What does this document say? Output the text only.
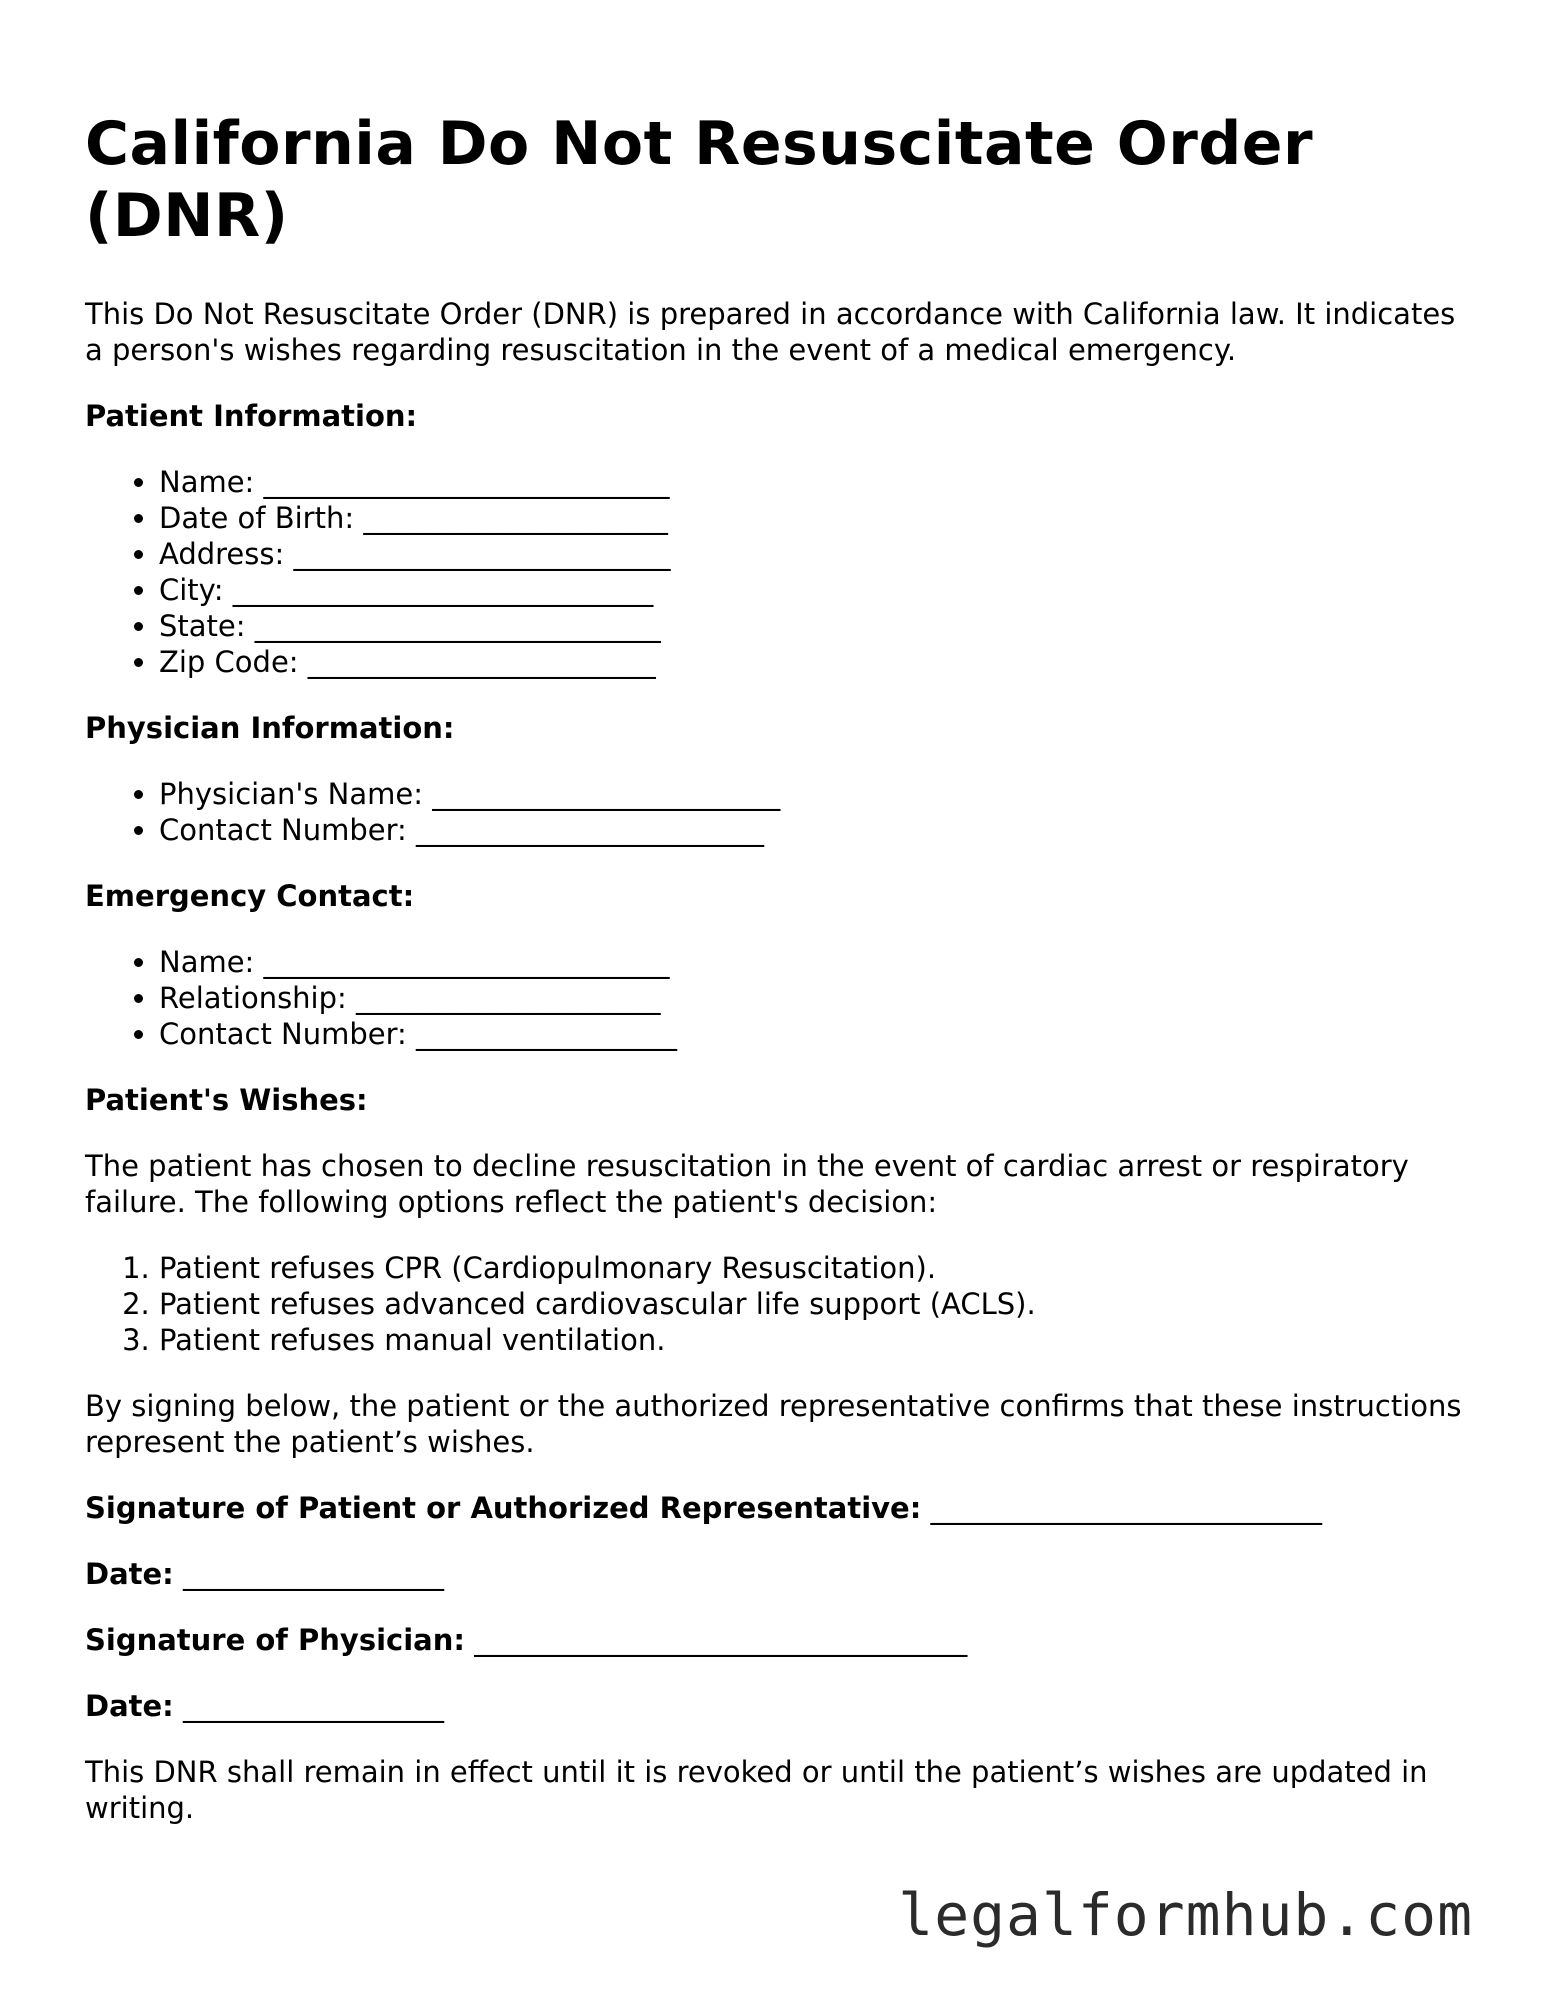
California Do Not Resuscitate Order (DNR)

This Do Not Resuscitate Order (DNR) is prepared in accordance with California law. It indicates a person's wishes regarding resuscitation in the event of a medical emergency.

Patient Information:
• Name: ____________________________
• Date of Birth: _____________________
• Address: __________________________
• City: _____________________________
• State: ____________________________
• Zip Code: ________________________
Physician Information:
• Physician's Name: ________________________
• Contact Number: ________________________
Emergency Contact:
• Name: ____________________________
• Relationship: _____________________
• Contact Number: __________________
Patient's Wishes:

The patient has chosen to decline resuscitation in the event of cardiac arrest or respiratory failure. The following options reflect the patient's decision:

1. Patient refuses CPR (Cardiopulmonary Resuscitation).
2. Patient refuses advanced cardiovascular life support (ACLS).
3. Patient refuses manual ventilation.

By signing below, the patient or the authorized representative confirms that these instructions represent the patient’s wishes.

Signature of Patient or Authorized Representative: ___________________________
Date: __________________
Signature of Physician: __________________________________
Date: __________________

This DNR shall remain in effect until it is revoked or until the patient’s wishes are updated in writing.

legalformhub.com
